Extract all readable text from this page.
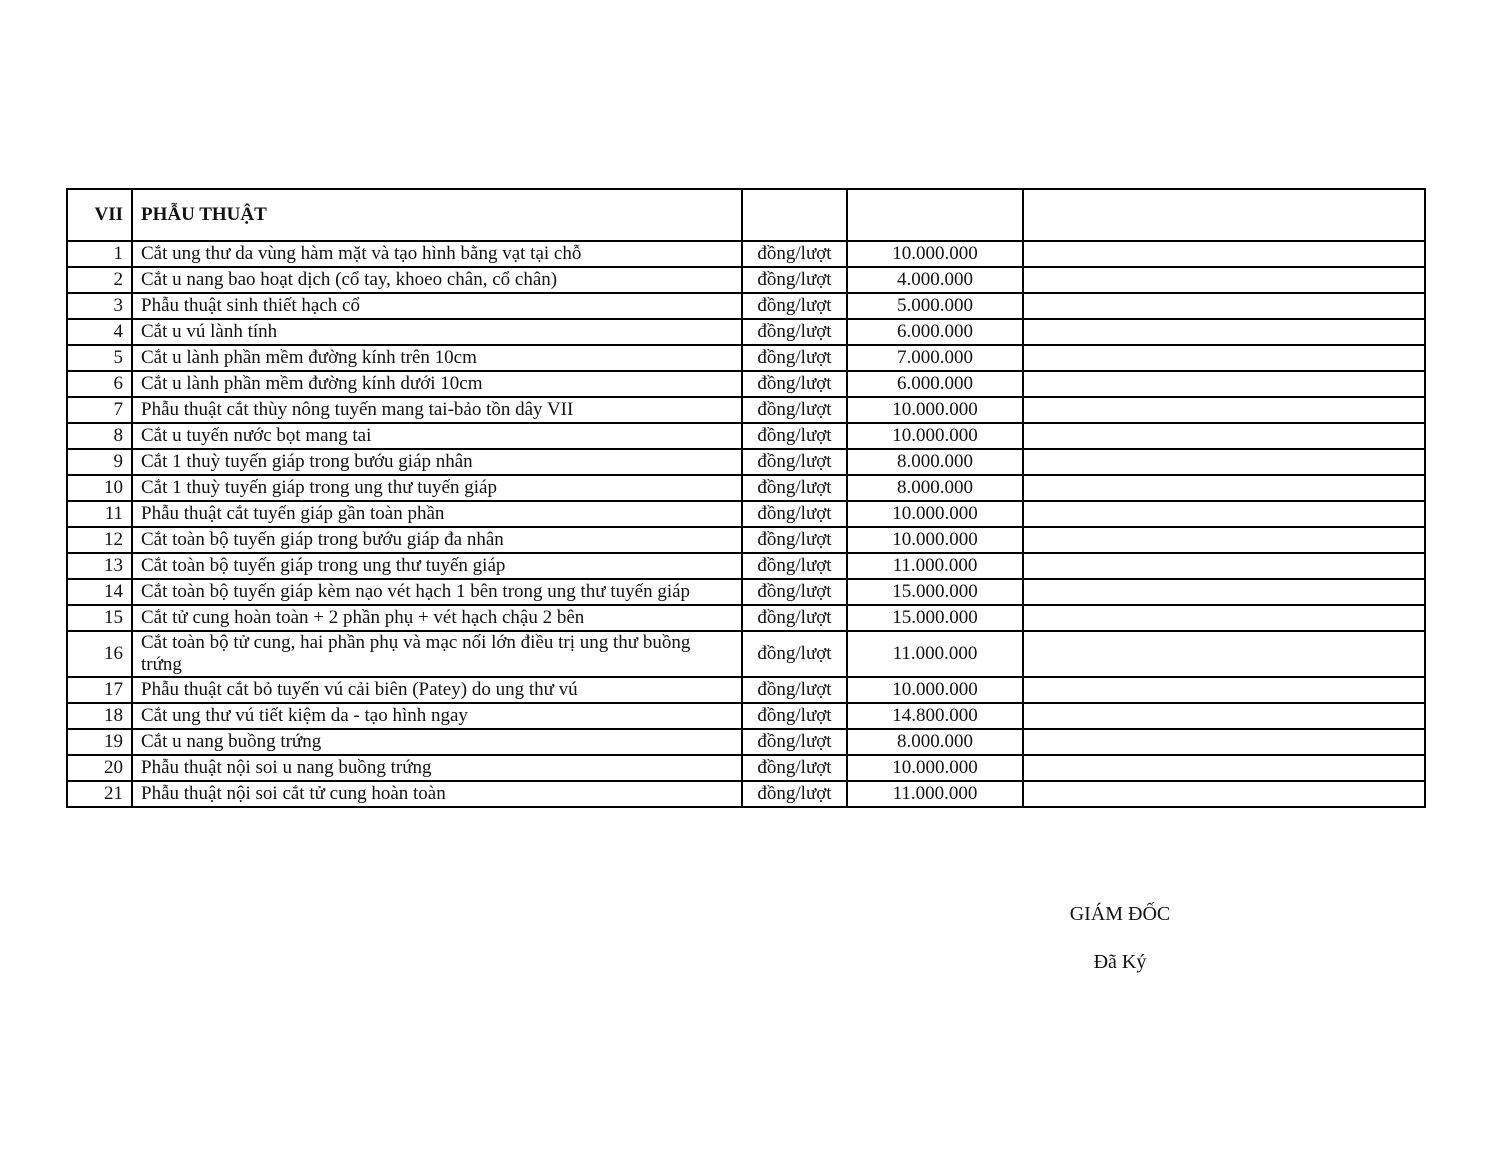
VII	PHẪU THUẬT			
1	Cắt ung thư da vùng hàm mặt và tạo hình bằng vạt tại chỗ	đồng/lượt	10.000.000	
2	Cắt u nang bao hoạt dịch (cổ tay, khoeo chân, cổ chân)	đồng/lượt	4.000.000	
3	Phẫu thuật sinh thiết hạch cổ	đồng/lượt	5.000.000	
4	Cắt u vú lành tính	đồng/lượt	6.000.000	
5	Cắt u lành phần mềm đường kính trên 10cm	đồng/lượt	7.000.000	
6	Cắt u lành phần mềm đường kính dưới 10cm	đồng/lượt	6.000.000	
7	Phẫu thuật cắt thùy nông tuyến mang tai-bảo tồn dây VII	đồng/lượt	10.000.000	
8	Cắt u tuyến nước bọt mang tai	đồng/lượt	10.000.000	
9	Cắt 1 thuỳ tuyến giáp trong bướu giáp nhân	đồng/lượt	8.000.000	
10	Cắt 1 thuỳ tuyến giáp trong ung thư tuyến giáp	đồng/lượt	8.000.000	
11	Phẫu thuật cắt tuyến giáp gần toàn phần	đồng/lượt	10.000.000	
12	Cắt toàn bộ tuyến giáp trong bướu giáp đa nhân	đồng/lượt	10.000.000	
13	Cắt toàn bộ tuyến giáp trong ung thư tuyến giáp	đồng/lượt	11.000.000	
14	Cắt toàn bộ tuyến giáp kèm nạo vét hạch 1 bên trong ung thư tuyến giáp	đồng/lượt	15.000.000	
15	Cắt tử cung hoàn toàn + 2 phần phụ + vét hạch chậu 2 bên	đồng/lượt	15.000.000	
16	Cắt toàn bộ tử cung, hai phần phụ và mạc nối lớn điều trị ung thư buồng trứng	đồng/lượt	11.000.000	
17	Phẫu thuật cắt bỏ tuyến vú cải biên (Patey) do ung thư vú	đồng/lượt	10.000.000	
18	Cắt ung thư vú tiết kiệm da - tạo hình ngay	đồng/lượt	14.800.000	
19	Cắt u nang buồng trứng	đồng/lượt	8.000.000	
20	Phẫu thuật nội soi u nang buồng trứng	đồng/lượt	10.000.000	
21	Phẫu thuật nội soi cắt tử cung hoàn toàn	đồng/lượt	11.000.000	
GIÁM ĐỐC
Đã Ký
